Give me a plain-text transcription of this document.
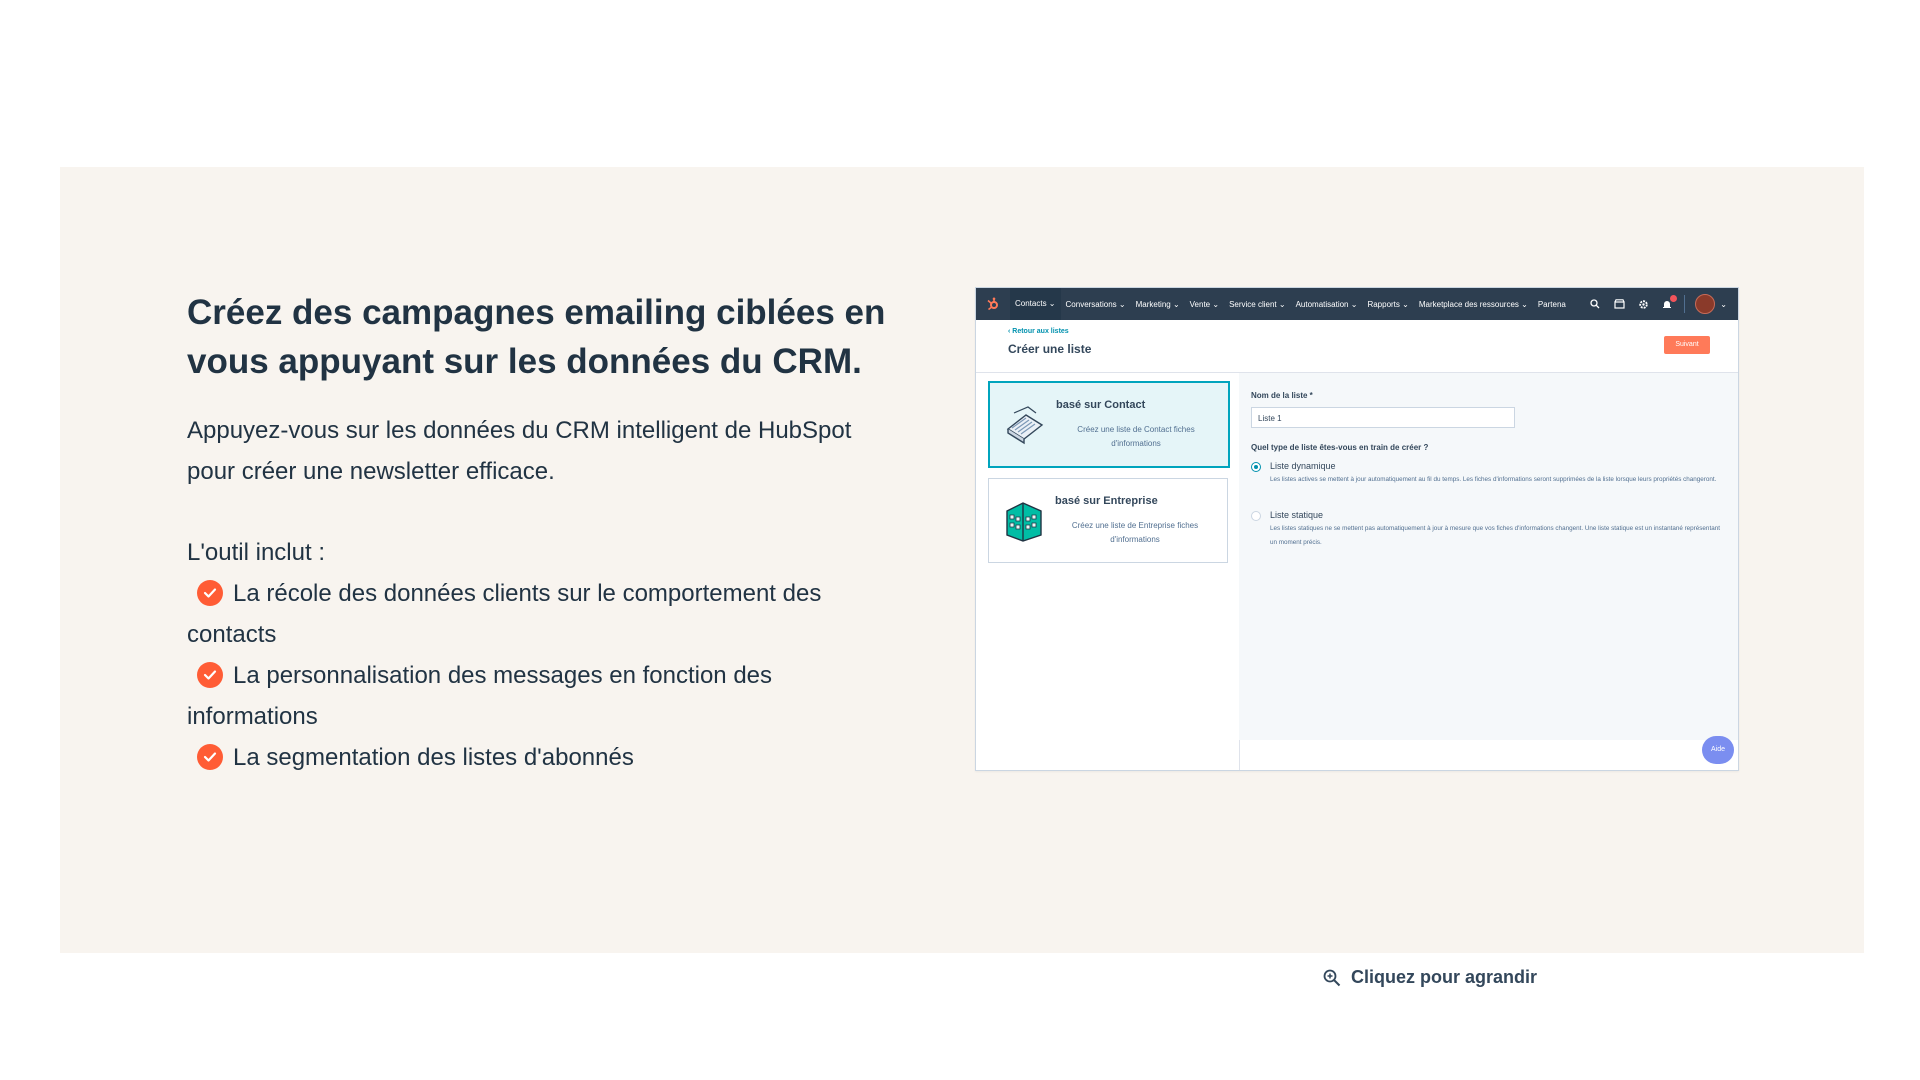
Créez des campagnes emailing ciblées en vous appuyant sur les données du CRM.

Appuyez-vous sur les données du CRM intelligent de HubSpot pour créer une newsletter efficace.

L'outil inclut :
La récole des données clients sur le comportement des contacts
La personnalisation des messages en fonction des informations
La segmentation des listes d'abonnés
Contacts ⌄	Conversations ⌄	Marketing ⌄	Vente ⌄	Service client ⌄	Automatisation ⌄	Rapports ⌄	Marketplace des ressources ⌄	Partena	⌄
‹ Retour aux listes
Créer une liste	Suivant
basé sur Contact
Créez une liste de Contact fiches d'informations
basé sur Entreprise
Créez une liste de Entreprise fiches d'informations
Nom de la liste *
Liste 1
Quel type de liste êtes-vous en train de créer ?
Liste dynamique
Les listes actives se mettent à jour automatiquement au fil du temps. Les fiches d'informations seront supprimées de la liste lorsque leurs propriétés changeront.
Liste statique
Les listes statiques ne se mettent pas automatiquement à jour à mesure que vos fiches d'informations changent. Une liste statique est un instantané représentant un moment précis.
Aide
Cliquez pour agrandir
